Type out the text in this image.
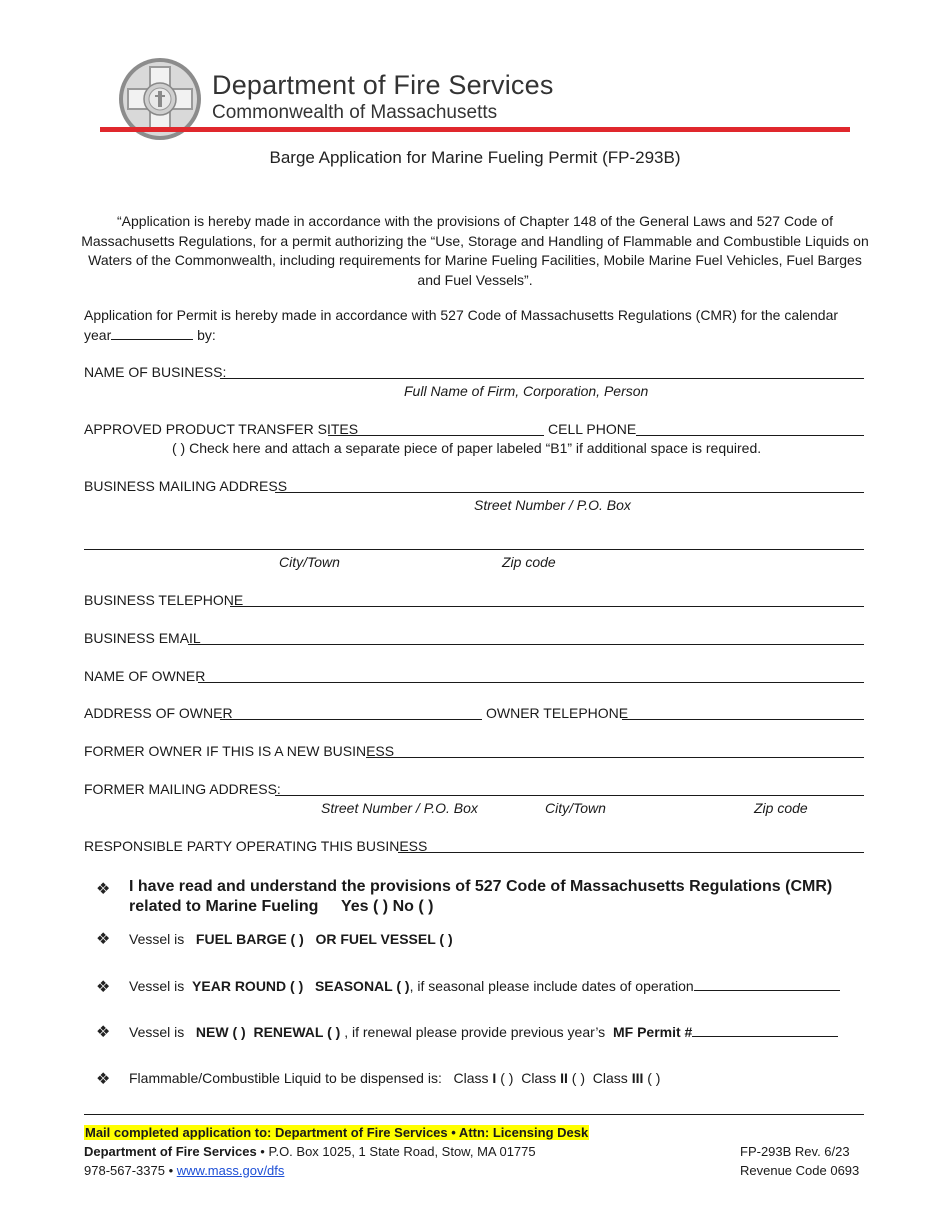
Department of Fire Services
Commonwealth of Massachusetts
Barge Application for Marine Fueling Permit (FP-293B)
“Application is hereby made in accordance with the provisions of Chapter 148 of the General Laws and 527 Code of Massachusetts Regulations, for a permit authorizing the “Use, Storage and Handling of Flammable and Combustible Liquids on Waters of the Commonwealth, including requirements for Marine Fueling Facilities, Mobile Marine Fuel Vehicles, Fuel Barges and Fuel Vessels”.
Application for Permit is hereby made in accordance with 527 Code of Massachusetts Regulations (CMR) for the calendar
year	by:
NAME OF BUSINESS:
Full Name of Firm, Corporation, Person
APPROVED PRODUCT TRANSFER SITES	CELL PHONE
( ) Check here and attach a separate piece of paper labeled “B1” if additional space is required.
BUSINESS MAILING ADDRESS
Street Number / P.O. Box
City/Town	Zip code
BUSINESS TELEPHONE
BUSINESS EMAIL
NAME OF OWNER
ADDRESS OF OWNER	OWNER TELEPHONE
FORMER OWNER IF THIS IS A NEW BUSINESS
FORMER MAILING ADDRESS:
Street Number / P.O. Box	City/Town	Zip code
RESPONSIBLE PARTY OPERATING THIS BUSINESS
❖ I have read and understand the provisions of 527 Code of Massachusetts Regulations (CMR)
related to Marine Fueling Yes ( ) No ( )
❖ Vessel is FUEL BARGE ( ) OR FUEL VESSEL ( )
❖ Vessel is YEAR ROUND ( ) SEASONAL ( ), if seasonal please include dates of operation
❖ Vessel is NEW ( ) RENEWAL ( ) , if renewal please provide previous year’s MF Permit #
❖ Flammable/Combustible Liquid to be dispensed is: Class I ( ) Class II ( ) Class III ( )
Mail completed application to: Department of Fire Services • Attn: Licensing Desk
Department of Fire Services • P.O. Box 1025, 1 State Road, Stow, MA 01775
978-567-3375 • www.mass.gov/dfs
FP-293B Rev. 6/23
Revenue Code 0693
